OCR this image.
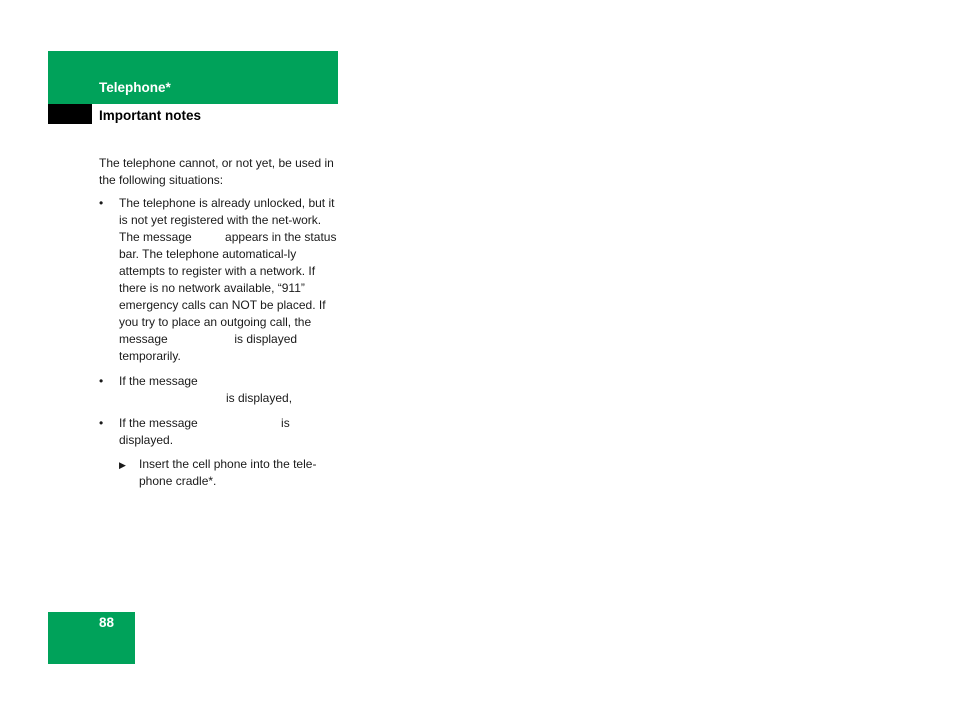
Telephone*
Important notes

The telephone cannot, or not yet, be used in the following situations:

• The telephone is already unlocked, but it is not yet registered with the net-work.

The message          appears in the status bar. The telephone automatical-ly attempts to register with a network. If there is no network available, “911” emergency calls can NOT be placed. If you try to place an outgoing call, the message                    is displayed temporarily.

• If the message

is displayed,

• If the message                         is

displayed.

▶ Insert the cell phone into the tele-phone cradle*.

88
